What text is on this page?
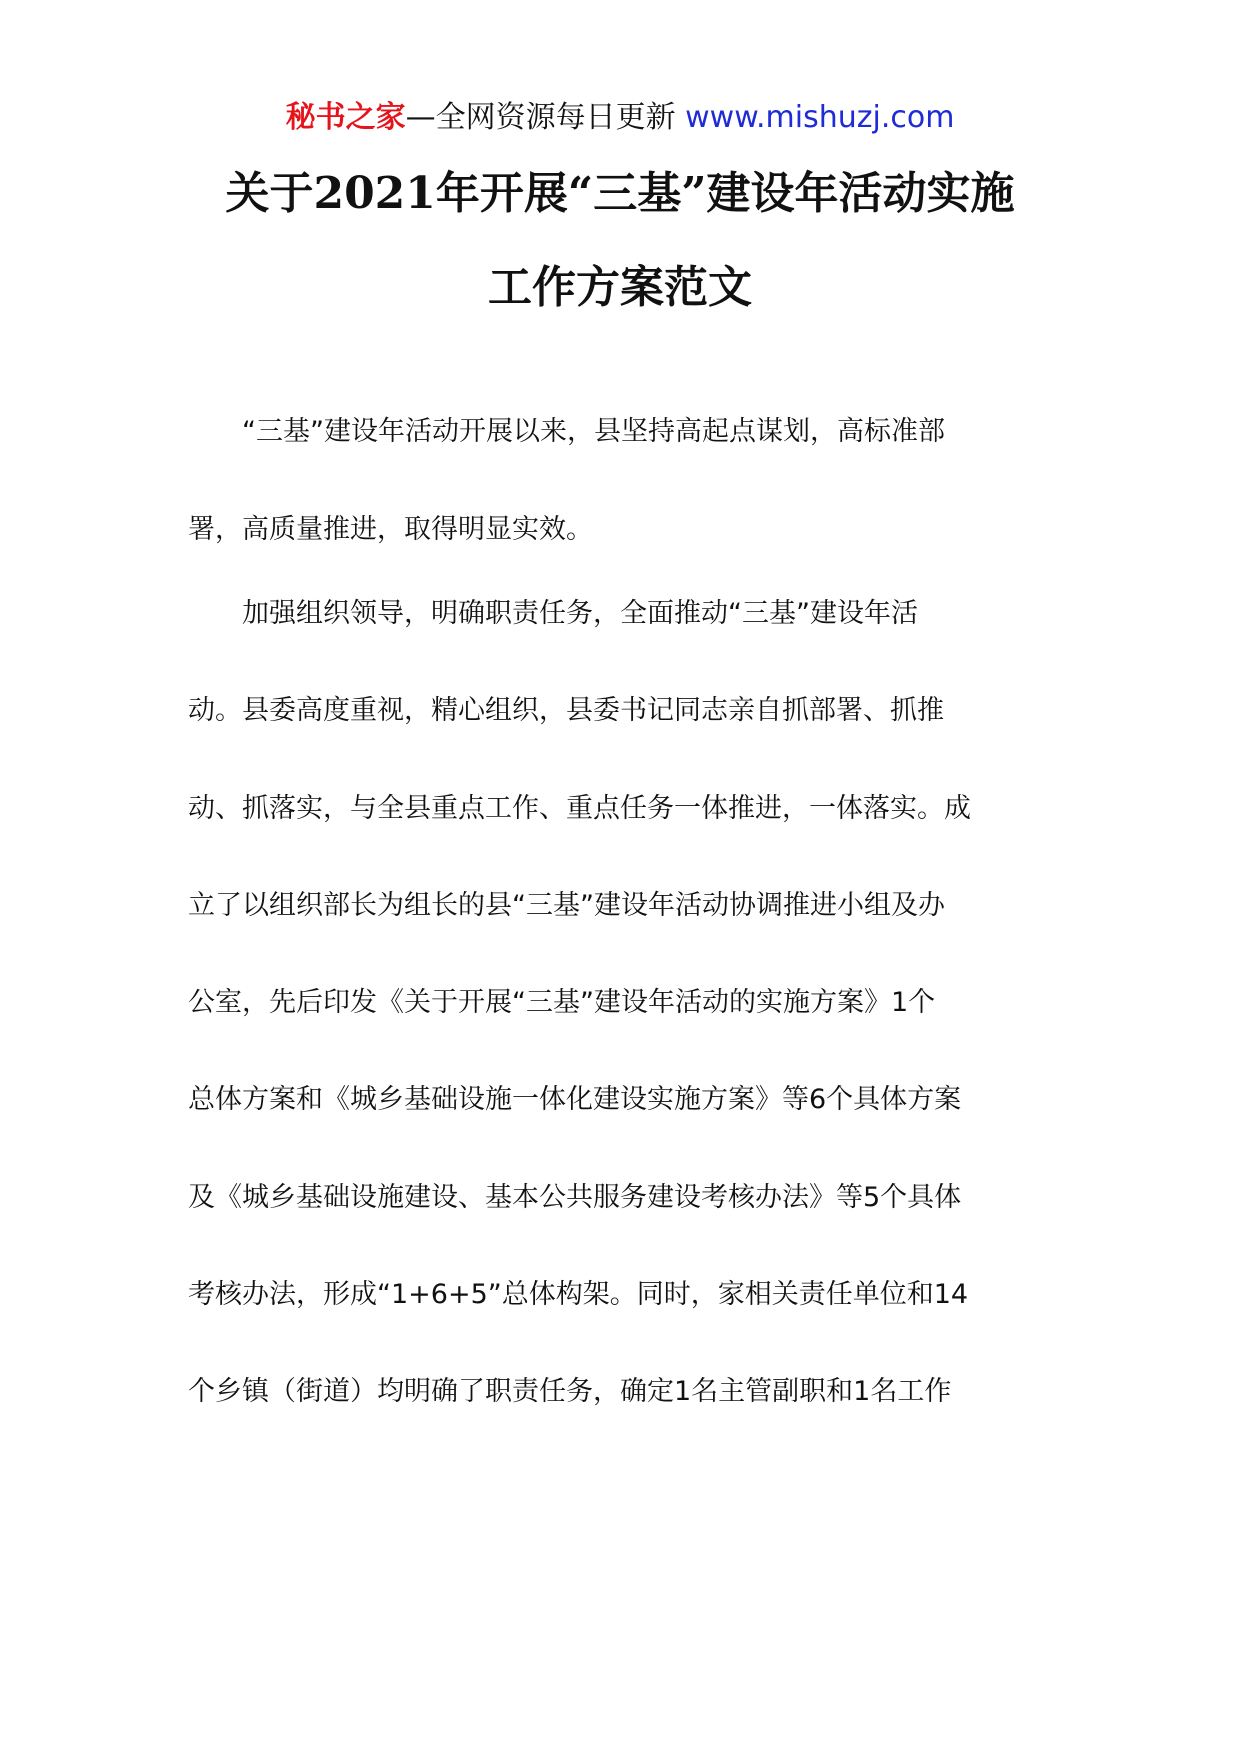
秘书之家—全网资源每日更新 www.mishuzj.com
关于2021年开展“三基”建设年活动实施
工作方案范文
　　“三基”建设年活动开展以来，县坚持高起点谋划，高标准部
署，高质量推进，取得明显实效。
　　加强组织领导，明确职责任务，全面推动“三基”建设年活
动。县委高度重视，精心组织，县委书记同志亲自抓部署、抓推
动、抓落实，与全县重点工作、重点任务一体推进，一体落实。成
立了以组织部长为组长的县“三基”建设年活动协调推进小组及办
公室，先后印发《关于开展“三基”建设年活动的实施方案》1个
总体方案和《城乡基础设施一体化建设实施方案》等6个具体方案
及《城乡基础设施建设、基本公共服务建设考核办法》等5个具体
考核办法，形成“1+6+5”总体构架。同时，家相关责任单位和14
个乡镇（街道）均明确了职责任务，确定1名主管副职和1名工作
